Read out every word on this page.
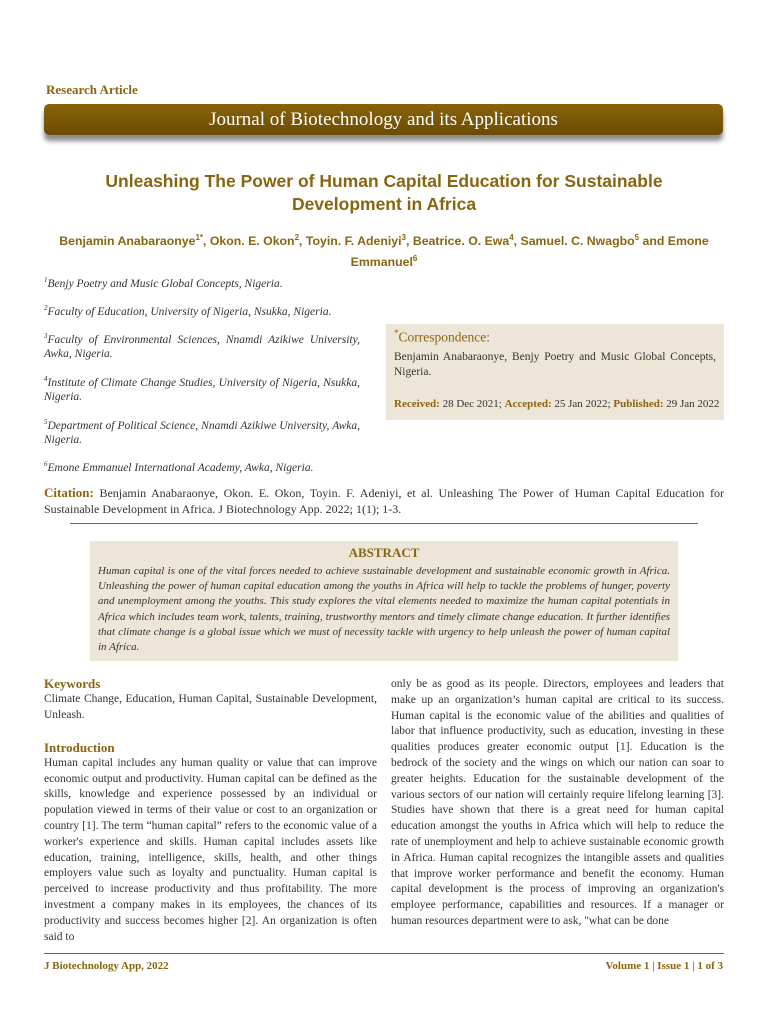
Research Article
Journal of Biotechnology and its Applications
Unleashing The Power of Human Capital Education for Sustainable Development in Africa
Benjamin Anabaraonye$^{1*}$, Okon. E. Okon$^2$, Toyin. F. Adeniyi$^3$, Beatrice. O. Ewa$^4$, Samuel. C. Nwagbo$^5$ and Emone Emmanuel$^6$
$^1$Benjy Poetry and Music Global Concepts, Nigeria.
$^2$Faculty of Education, University of Nigeria, Nsukka, Nigeria.
$^3$Faculty of Environmental Sciences, Nnamdi Azikiwe University, Awka, Nigeria.
$^4$Institute of Climate Change Studies, University of Nigeria, Nsukka, Nigeria.
$^5$Department of Political Science, Nnamdi Azikiwe University, Awka, Nigeria.
$^6$Emone Emmanuel International Academy, Awka, Nigeria.
*Correspondence:
Benjamin Anabaraonye, Benjy Poetry and Music Global Concepts, Nigeria.
Received: 28 Dec 2021; Accepted: 25 Jan 2022; Published: 29 Jan 2022
Citation: Benjamin Anabaraonye, Okon. E. Okon, Toyin. F. Adeniyi, et al. Unleashing The Power of Human Capital Education for Sustainable Development in Africa. J Biotechnology App. 2022; 1(1); 1-3.
ABSTRACT
Human capital is one of the vital forces needed to achieve sustainable development and sustainable economic growth in Africa. Unleashing the power of human capital education among the youths in Africa will help to tackle the problems of hunger, poverty and unemployment among the youths. This study explores the vital elements needed to maximize the human capital potentials in Africa which includes team work, talents, training, trustworthy mentors and timely climate change education. It further identifies that climate change is a global issue which we must of necessity tackle with urgency to help unleash the power of human capital in Africa.
Keywords
Climate Change, Education, Human Capital, Sustainable Development, Unleash.
Introduction
Human capital includes any human quality or value that can improve economic output and productivity. Human capital can be defined as the skills, knowledge and experience possessed by an individual or population viewed in terms of their value or cost to an organization or country [1]. The term “human capital” refers to the economic value of a worker's experience and skills. Human capital includes assets like education, training, intelligence, skills, health, and other things employers value such as loyalty and punctuality. Human capital is perceived to increase productivity and thus profitability. The more investment a company makes in its employees, the chances of its productivity and success becomes higher [2]. An organization is often said to
only be as good as its people. Directors, employees and leaders that make up an organization’s human capital are critical to its success. Human capital is the economic value of the abilities and qualities of labor that influence productivity, such as education, investing in these qualities produces greater economic output [1]. Education is the bedrock of the society and the wings on which our nation can soar to greater heights. Education for the sustainable development of the various sectors of our nation will certainly require lifelong learning [3]. Studies have shown that there is a great need for human capital education amongst the youths in Africa which will help to reduce the rate of unemployment and help to achieve sustainable economic growth in Africa. Human capital recognizes the intangible assets and qualities that improve worker performance and benefit the economy. Human capital development is the process of improving an organization's employee performance, capabilities and resources. If a manager or human resources department were to ask, "what can be done
J Biotechnology App, 2022	Volume 1 | Issue 1 | 1 of 3
